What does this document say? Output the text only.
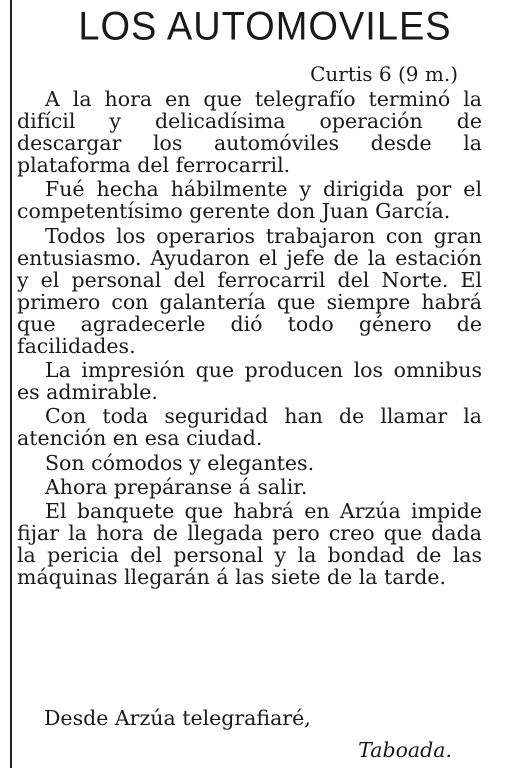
LOS AUTOMOVILES

Curtis 6 (9 m.)

A la hora en que telegrafío terminó la difícil y delicadísima operación de descargar los automóviles desde la plataforma del ferrocarril.

Fué hecha hábilmente y dirigida por el competentísimo gerente don Juan García.

Todos los operarios trabajaron con gran entusiasmo. Ayudaron el jefe de la estación y el personal del ferrocarril del Norte. El primero con galantería que siempre habrá que agradecerle dió todo género de facilidades.

La impresión que producen los omnibus es admirable.

Con toda seguridad han de llamar la atención en esa ciudad.

Son cómodos y elegantes.

Ahora prepáranse á salir.

El banquete que habrá en Arzúa impide fijar la hora de llegada pero creo que dada la pericia del personal y la bondad de las máquinas llegarán á las siete de la tarde.

Desde Arzúa telegrafiaré,

Taboada.
